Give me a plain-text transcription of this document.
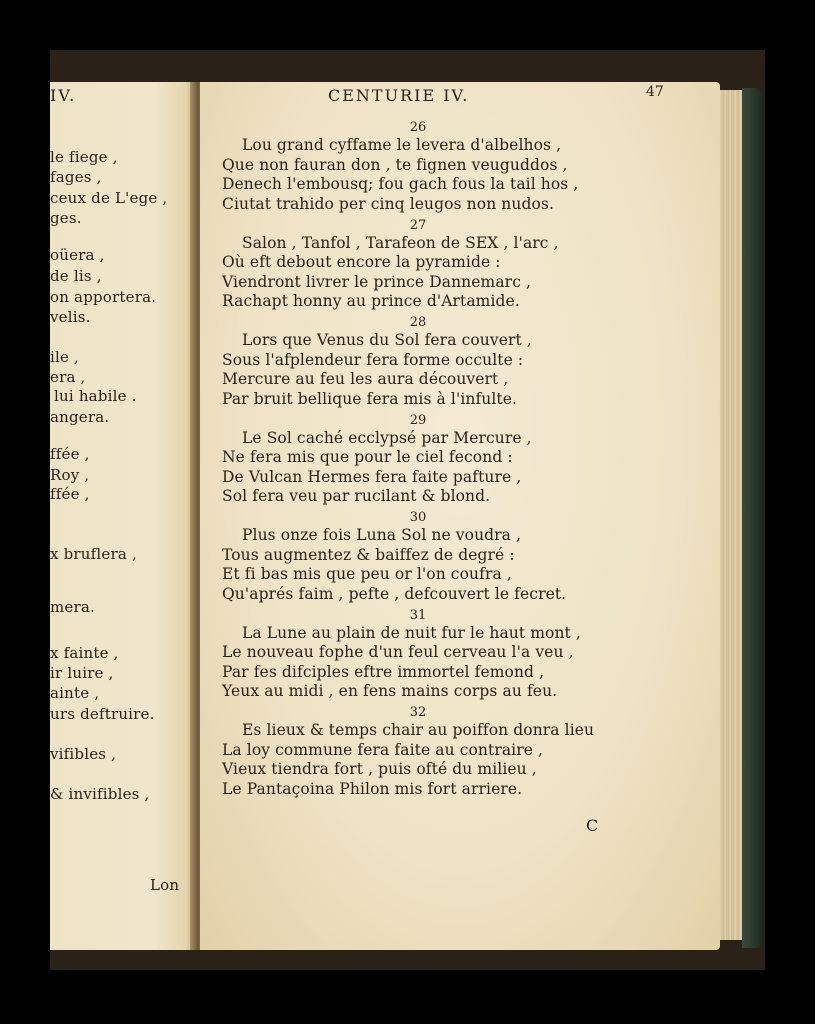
IV.
le fiege ,
fages ,
ceux de L'ege ,
ges.
oüera ,
de lis ,
on apportera.
velis.
ile ,
era ,
lui habile .
angera.
ffée ,
Roy ,
ffée ,
x bruflera ,
mera.
x fainte ,
ir luire ,
ainte ,
urs deftruire.
vifibles ,
& invifibles ,
Lon
CENTURIE IV.	47
26
Lou grand cyffame le levera d'albelhos ,
Que non fauran don , te fignen veuguddos ,
Denech l'embousq; fou gach fous la tail hos ,
Ciutat trahido per cinq leugos non nudos.
27
Salon , Tanfol , Tarafeon de SEX , l'arc ,
Où eft debout encore la pyramide :
Viendront livrer le prince Dannemarc ,
Rachapt honny au prince d'Artamide.
28
Lors que Venus du Sol fera couvert ,
Sous l'afplendeur fera forme occulte :
Mercure au feu les aura découvert ,
Par bruit bellique fera mis à l'infulte.
29
Le Sol caché ecclypsé par Mercure ,
Ne fera mis que pour le ciel fecond :
De Vulcan Hermes fera faite pafture ,
Sol fera veu par rucilant & blond.
30
Plus onze fois Luna Sol ne voudra ,
Tous augmentez & baiffez de degré :
Et fi bas mis que peu or l'on coufra ,
Qu'aprés faim , pefte , defcouvert le fecret.
31
La Lune au plain de nuit fur le haut mont ,
Le nouveau fophe d'un feul cerveau l'a veu ,
Par fes difciples eftre immortel femond ,
Yeux au midi , en fens mains corps au feu.
32
Es lieux & temps chair au poiffon donra lieu
La loy commune fera faite au contraire ,
Vieux tiendra fort , puis ofté du milieu ,
Le Pantaçoina Philon mis fort arriere.
C
